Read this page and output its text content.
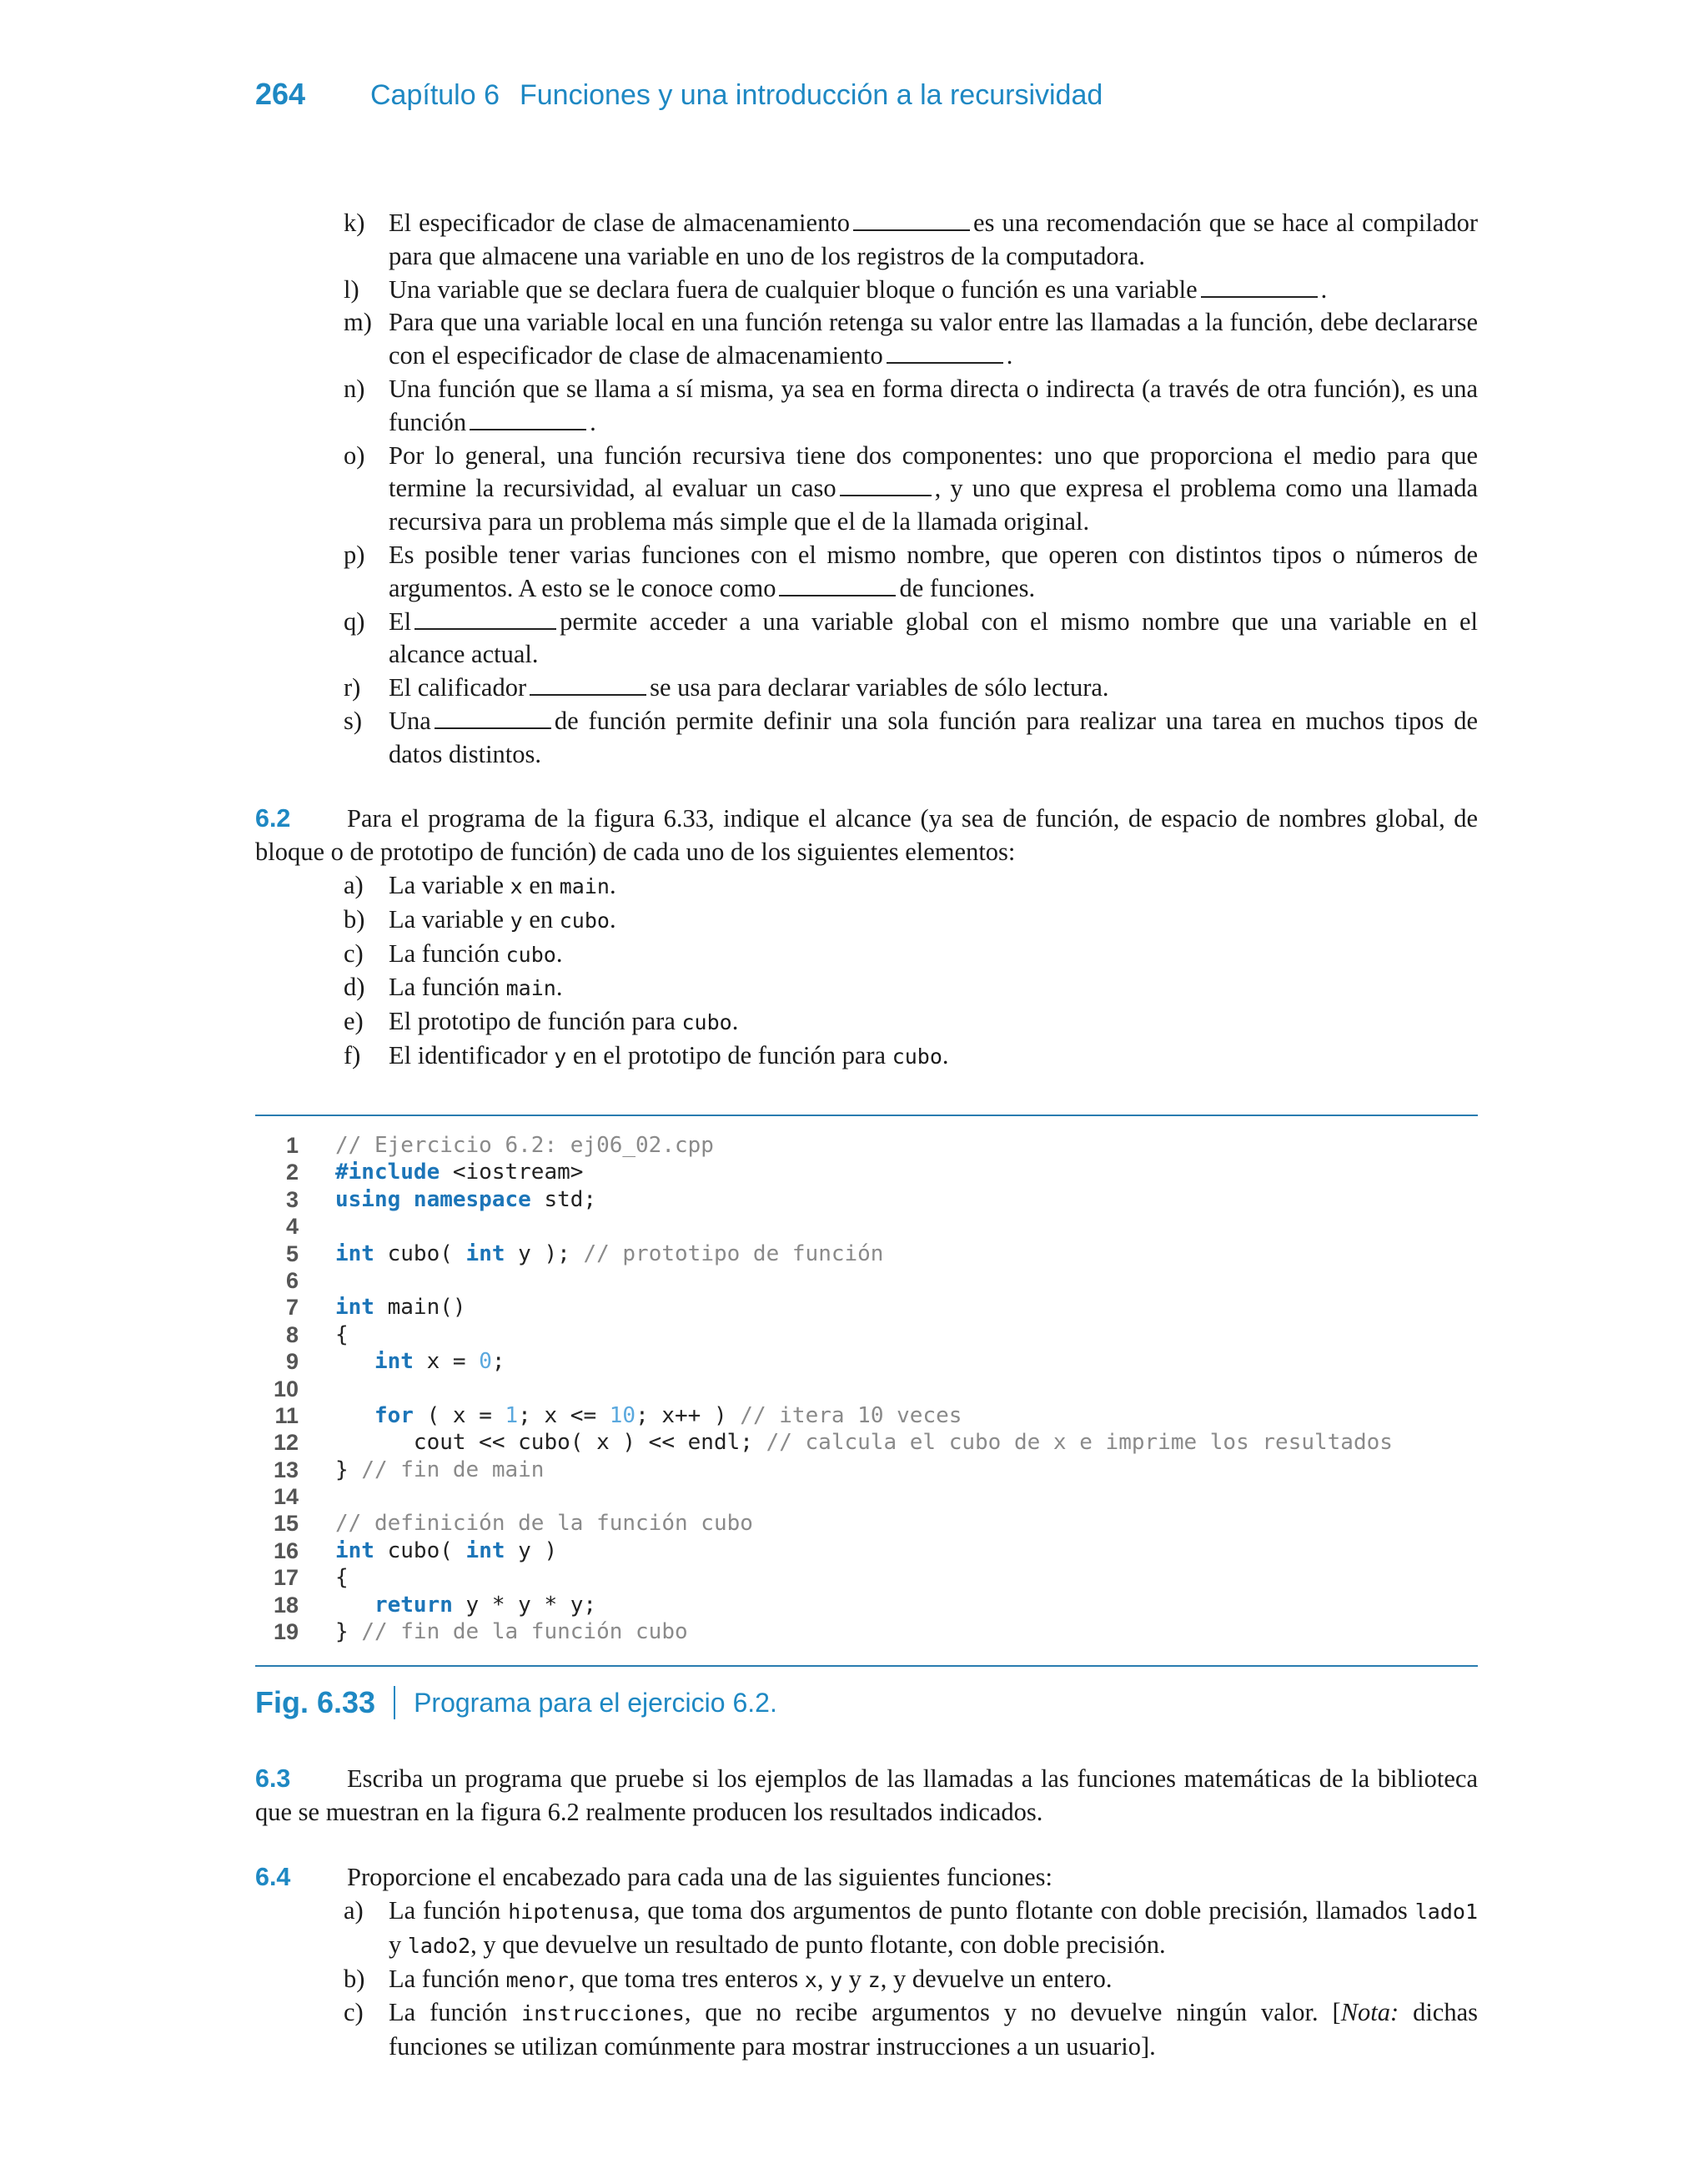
264	Capítulo 6 Funciones y una introducción a la recursividad
k) El especificador de clase de almacenamiento	es una recomendación que se hace al compilador para que almacene una variable en uno de los registros de la computadora.
l)	Una variable que se declara fuera de cualquier bloque o función es una variable	.
m) Para que una variable local en una función retenga su valor entre las llamadas a la función, debe declararse con el especificador de clase de almacenamiento	.
n) Una función que se llama a sí misma, ya sea en forma directa o indirecta (a través de otra función), es una función	.
o) Por lo general, una función recursiva tiene dos componentes: uno que proporciona el medio para que termine la recursividad, al evaluar un caso	, y uno que expresa el problema como una llamada recursiva para un problema más simple que el de la llamada original.
p) Es posible tener varias funciones con el mismo nombre, que operen con distintos tipos o números de argumentos. A esto se le conoce como	de funciones.
q) El	permite acceder a una variable global con el mismo nombre que una variable en el alcance actual.
r)	El calificador	se usa para declarar variables de sólo lectura.
s)	Una	de función permite definir una sola función para realizar una tarea en muchos tipos de datos distintos.
6.2 Para el programa de la figura 6.33, indique el alcance (ya sea de función, de espacio de nombres global, de bloque o de prototipo de función) de cada uno de los siguientes elementos:
a) La variable x en main.
b) La variable y en cubo.
c) La función cubo.
d) La función main.
e) El prototipo de función para cubo.
f)	El identificador y en el prototipo de función para cubo.
1 // Ejercicio 6.2: ej06_02.cpp
2 #include <iostream>
3 using namespace std;
4
5 int cubo( int y ); // prototipo de función
6
7 int main()
8 {
9	int x = 0;
10
11	for ( x = 1; x <= 10; x++ ) // itera 10 veces
12 cout << cubo( x ) << endl; // calcula el cubo de x e imprime los resultados
13 } // fin de main
14
15 // definición de la función cubo
16 int cubo( int y )
17 {
18	return y * y * y;
19 } // fin de la función cubo
Fig. 6.33 Programa para el ejercicio 6.2.
6.3 Escriba un programa que pruebe si los ejemplos de las llamadas a las funciones matemáticas de la biblioteca que se muestran en la figura 6.2 realmente producen los resultados indicados.
6.4 Proporcione el encabezado para cada una de las siguientes funciones:
a) La función hipotenusa, que toma dos argumentos de punto flotante con doble precisión, llamados lado1 y lado2, y que devuelve un resultado de punto flotante, con doble precisión.
b) La función menor, que toma tres enteros x, y y z, y devuelve un entero.
c) La función instrucciones, que no recibe argumentos y no devuelve ningún valor. [Nota: dichas funciones se utilizan comúnmente para mostrar instrucciones a un usuario].
